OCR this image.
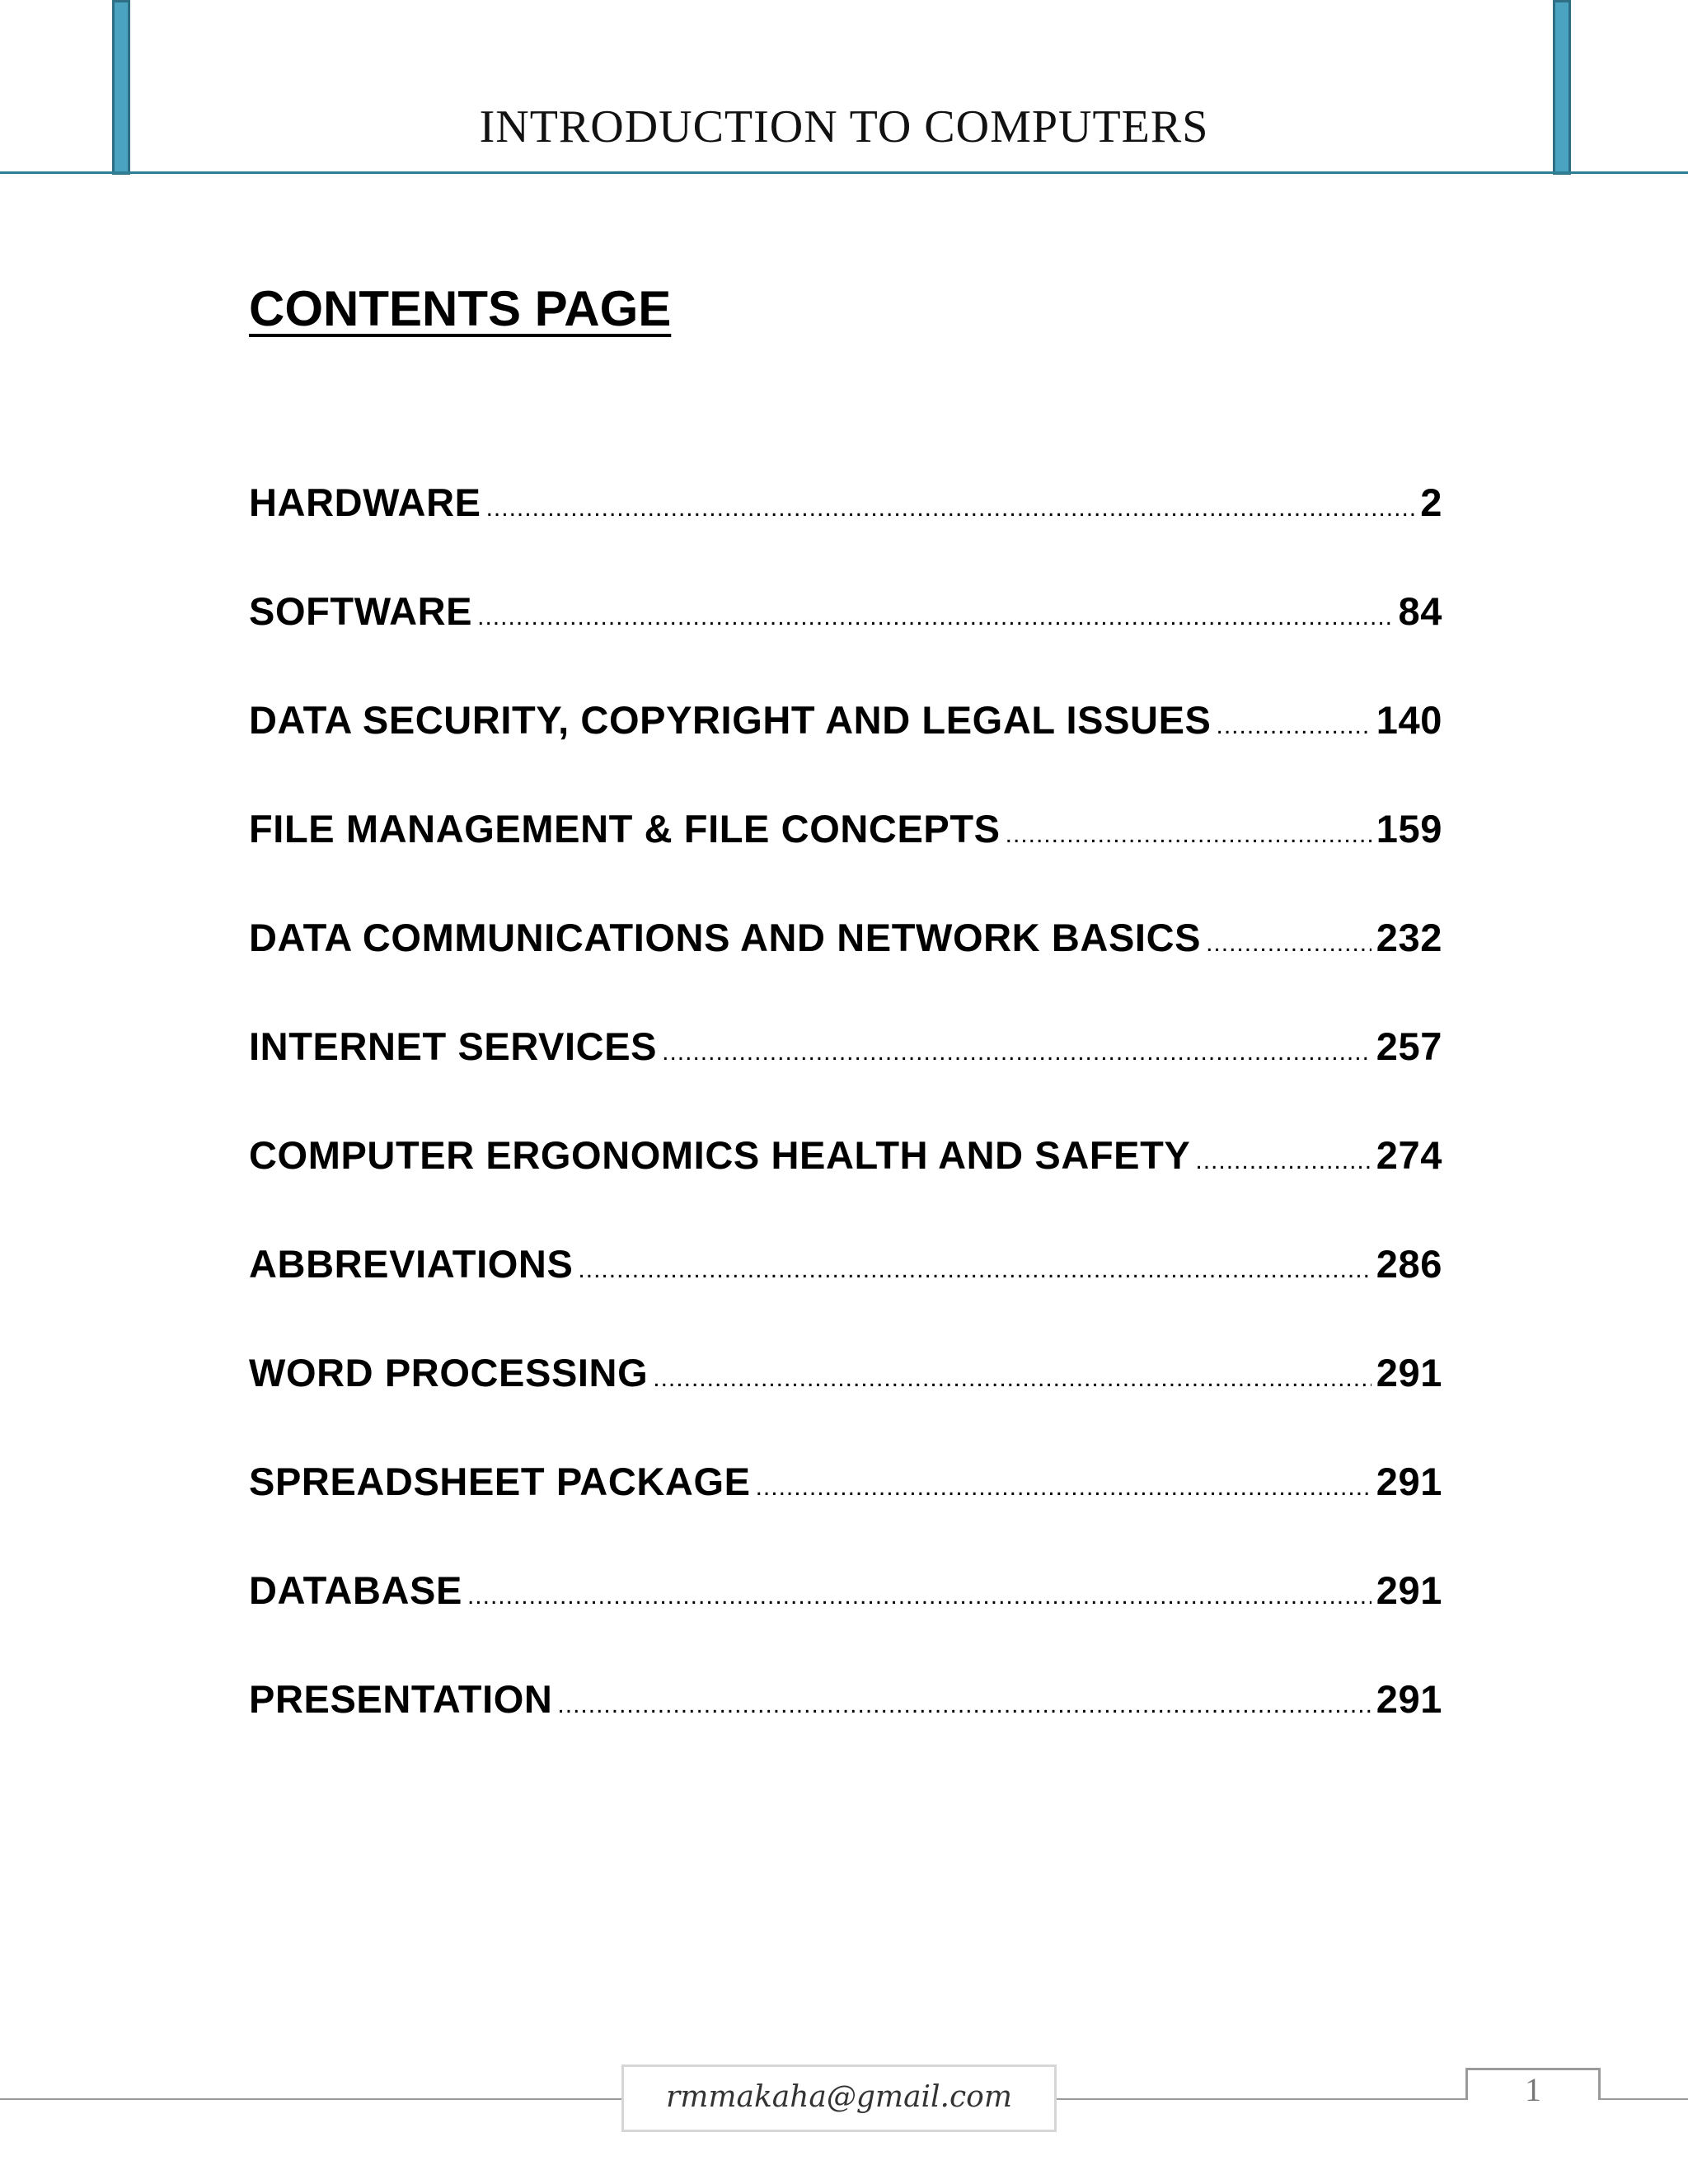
INTRODUCTION TO COMPUTERS
CONTENTS PAGE
HARDWARE .....	2
SOFTWARE .....	84
DATA SECURITY, COPYRIGHT AND LEGAL ISSUES .....	140
FILE MANAGEMENT & FILE CONCEPTS .....	159
DATA COMMUNICATIONS AND NETWORK BASICS .....	232
INTERNET SERVICES .....	257
COMPUTER ERGONOMICS HEALTH AND SAFETY .....	274
ABBREVIATIONS .....	286
WORD PROCESSING .....	291
SPREADSHEET PACKAGE .....	291
DATABASE .....	291
PRESENTATION .....	291
rmmakaha@gmail.com	1
